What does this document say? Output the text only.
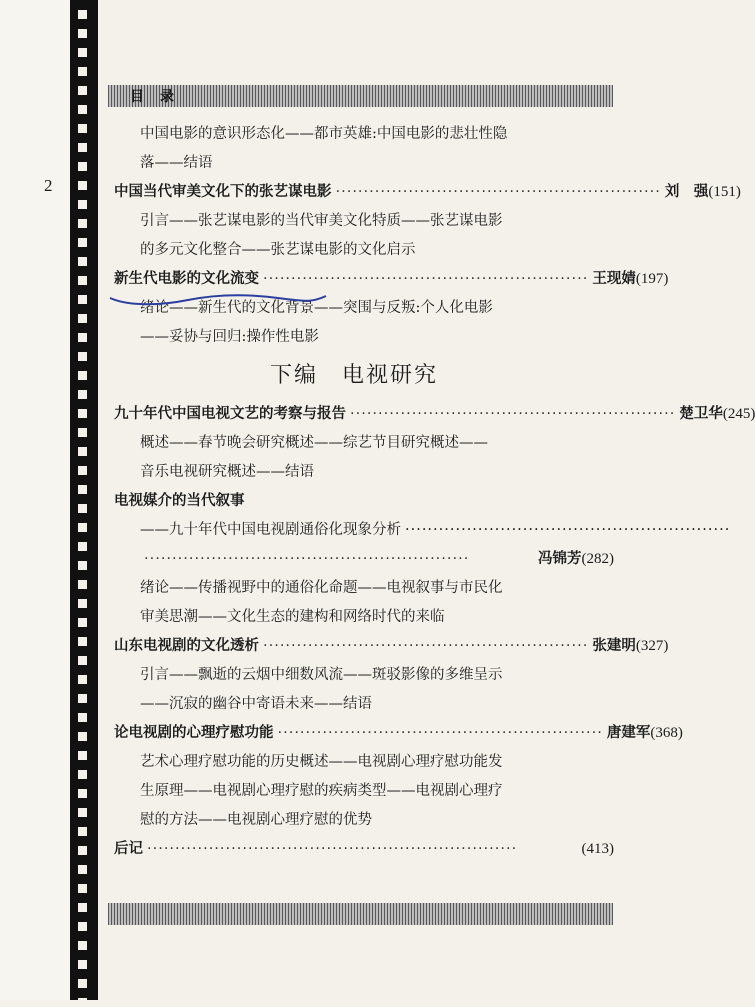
2
目　录
中国电影的意识形态化——都市英雄:中国电影的悲壮性隐
落——结语
中国当代审美文化下的张艺谋电影 ·························································· 刘　强 (151)
引言——张艺谋电影的当代审美文化特质——张艺谋电影
的多元文化整合——张艺谋电影的文化启示
新生代电影的文化流变 ·························································· 王现婧 (197)
绪论——新生代的文化背景——突围与反叛:个人化电影
——妥协与回归:操作性电影
下编　电视研究
九十年代中国电视文艺的考察与报告 ·························································· 楚卫华 (245)
概述——春节晚会研究概述——综艺节目研究概述——
音乐电视研究概述——结语
电视媒介的当代叙事
——九十年代中国电视剧通俗化现象分析 ··························································
··························································	冯锦芳 (282)
绪论——传播视野中的通俗化命题——电视叙事与市民化
审美思潮——文化生态的建构和网络时代的来临
山东电视剧的文化透析 ·························································· 张建明 (327)
引言——飘逝的云烟中细数风流——斑驳影像的多维呈示
——沉寂的幽谷中寄语未来——结语
论电视剧的心理疗慰功能 ·························································· 唐建军 (368)
艺术心理疗慰功能的历史概述——电视剧心理疗慰功能发
生原理——电视剧心理疗慰的疾病类型——电视剧心理疗
慰的方法——电视剧心理疗慰的优势
后记 ··································································	(413)
